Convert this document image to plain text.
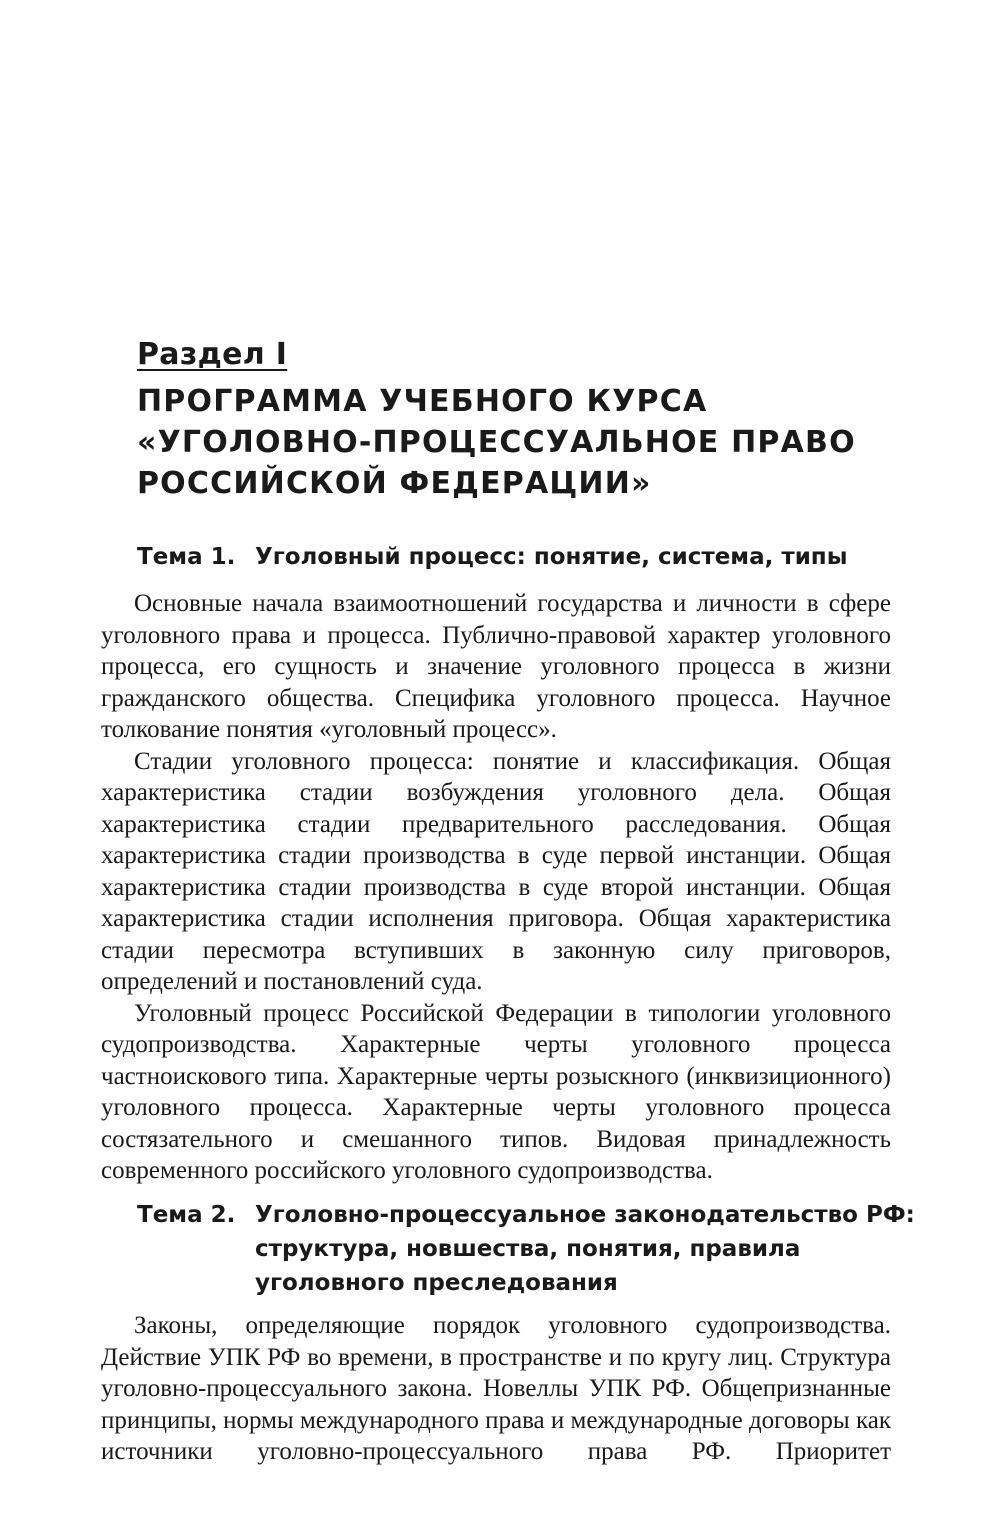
Раздел I
ПРОГРАММА УЧЕБНОГО КУРСА
«УГОЛОВНО-ПРОЦЕССУАЛЬНОЕ ПРАВО
РОССИЙСКОЙ ФЕДЕРАЦИИ»
Тема 1. Уголовный процесс: понятие, система, типы

Основные начала взаимоотношений государства и личности в сфере уголовного права и процесса. Публично-правовой характер уголовного процесса, его сущность и значение уголовного процесса в жизни гражданского общества. Специфика уголовного процесса. Научное толкование понятия «уголовный процесс».

Стадии уголовного процесса: понятие и классификация. Общая характеристика стадии возбуждения уголовного дела. Общая характеристика стадии предварительного расследования. Общая характеристика стадии производства в суде первой инстанции. Общая характеристика стадии производства в суде второй инстанции. Общая характеристика стадии исполнения приговора. Общая характеристика стадии пересмотра вступивших в законную силу приговоров, определений и постановлений суда.

Уголовный процесс Российской Федерации в типологии уголовного судопроизводства. Характерные черты уголовного процесса частноискового типа. Характерные черты розыскного (инквизиционного) уголовного процесса. Характерные черты уголовного процесса состязательного и смешанного типов. Видовая принадлежность современного российского уголовного судопроизводства.

Тема 2. Уголовно-процессуальное законодательство РФ:
структура, новшества, понятия, правила
уголовного преследования

Законы, определяющие порядок уголовного судопроизводства. Действие УПК РФ во времени, в пространстве и по кругу лиц. Структура уголовно-процессуального закона. Новеллы УПК РФ. Общепризнанные принципы, нормы международного права и международные договоры как источники уголовно-процессуального права РФ. Приоритет
